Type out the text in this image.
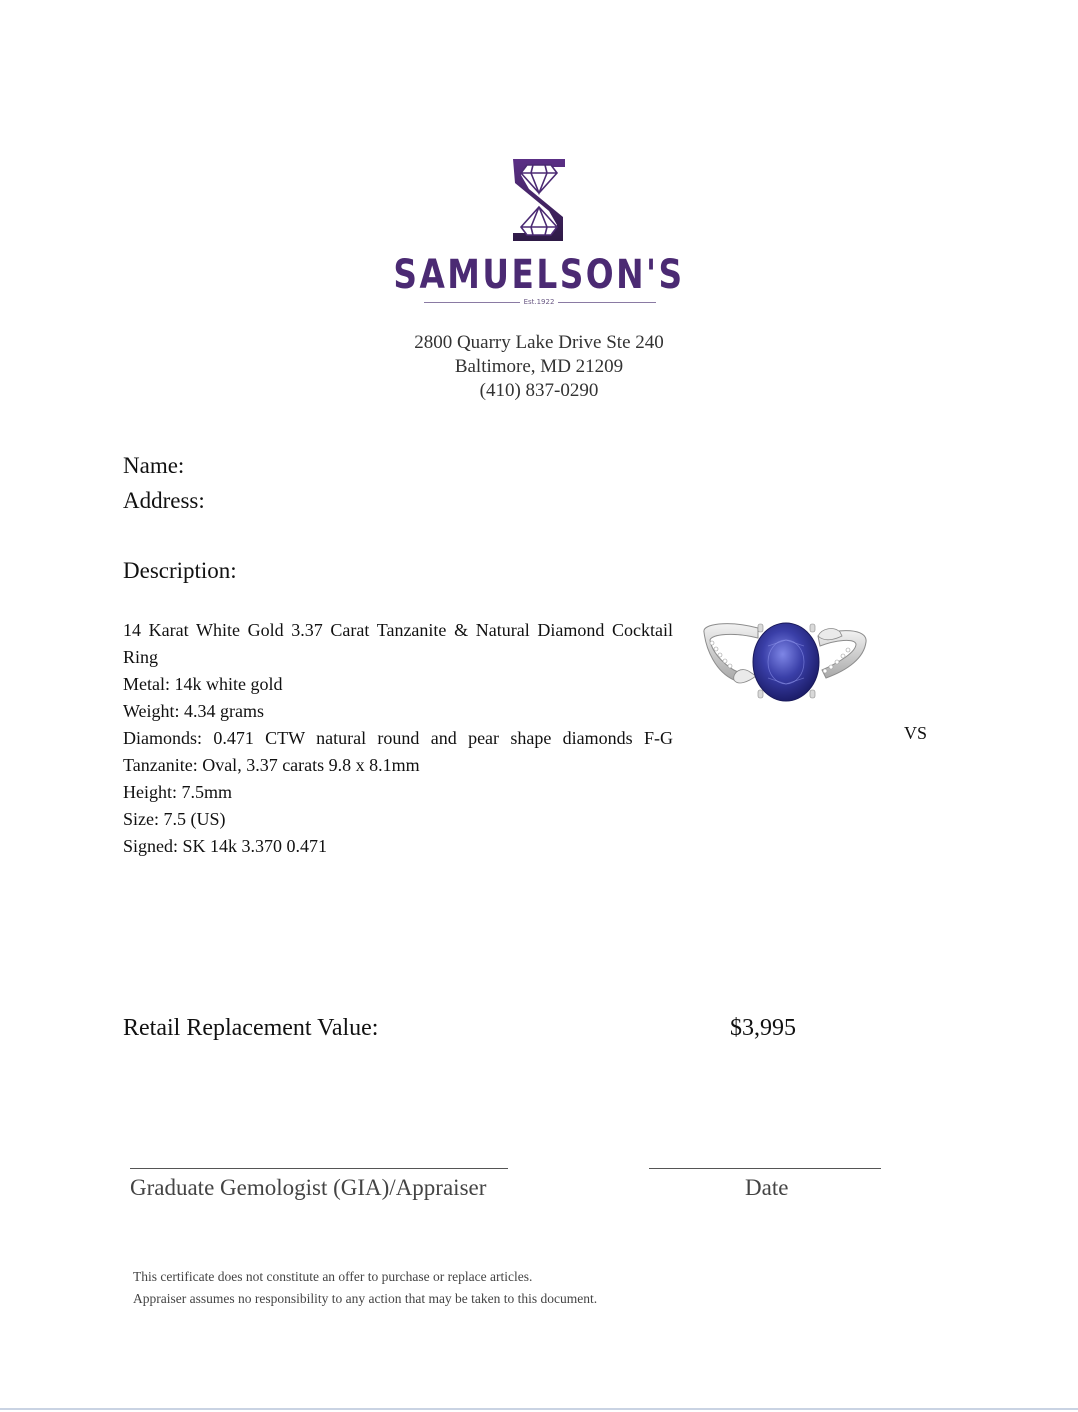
SAMUELSON'S
Est.1922
2800 Quarry Lake Drive Ste 240
Baltimore, MD 21209
(410) 837-0290
Name:
Address:
Description:
14 Karat White Gold 3.37 Carat Tanzanite & Natural Diamond Cocktail Ring
Metal: 14k white gold
Weight: 4.34 grams
Diamonds: 0.471 CTW natural round and pear shape diamonds F-G
Tanzanite: Oval, 3.37 carats 9.8 x 8.1mm
Height: 7.5mm
Size: 7.5 (US)
Signed: SK 14k 3.370 0.471
VS
Retail Replacement Value:	$3,995
Graduate Gemologist (GIA)/Appraiser	Date
This certificate does not constitute an offer to purchase or replace articles.
Appraiser assumes no responsibility to any action that may be taken to this document.
